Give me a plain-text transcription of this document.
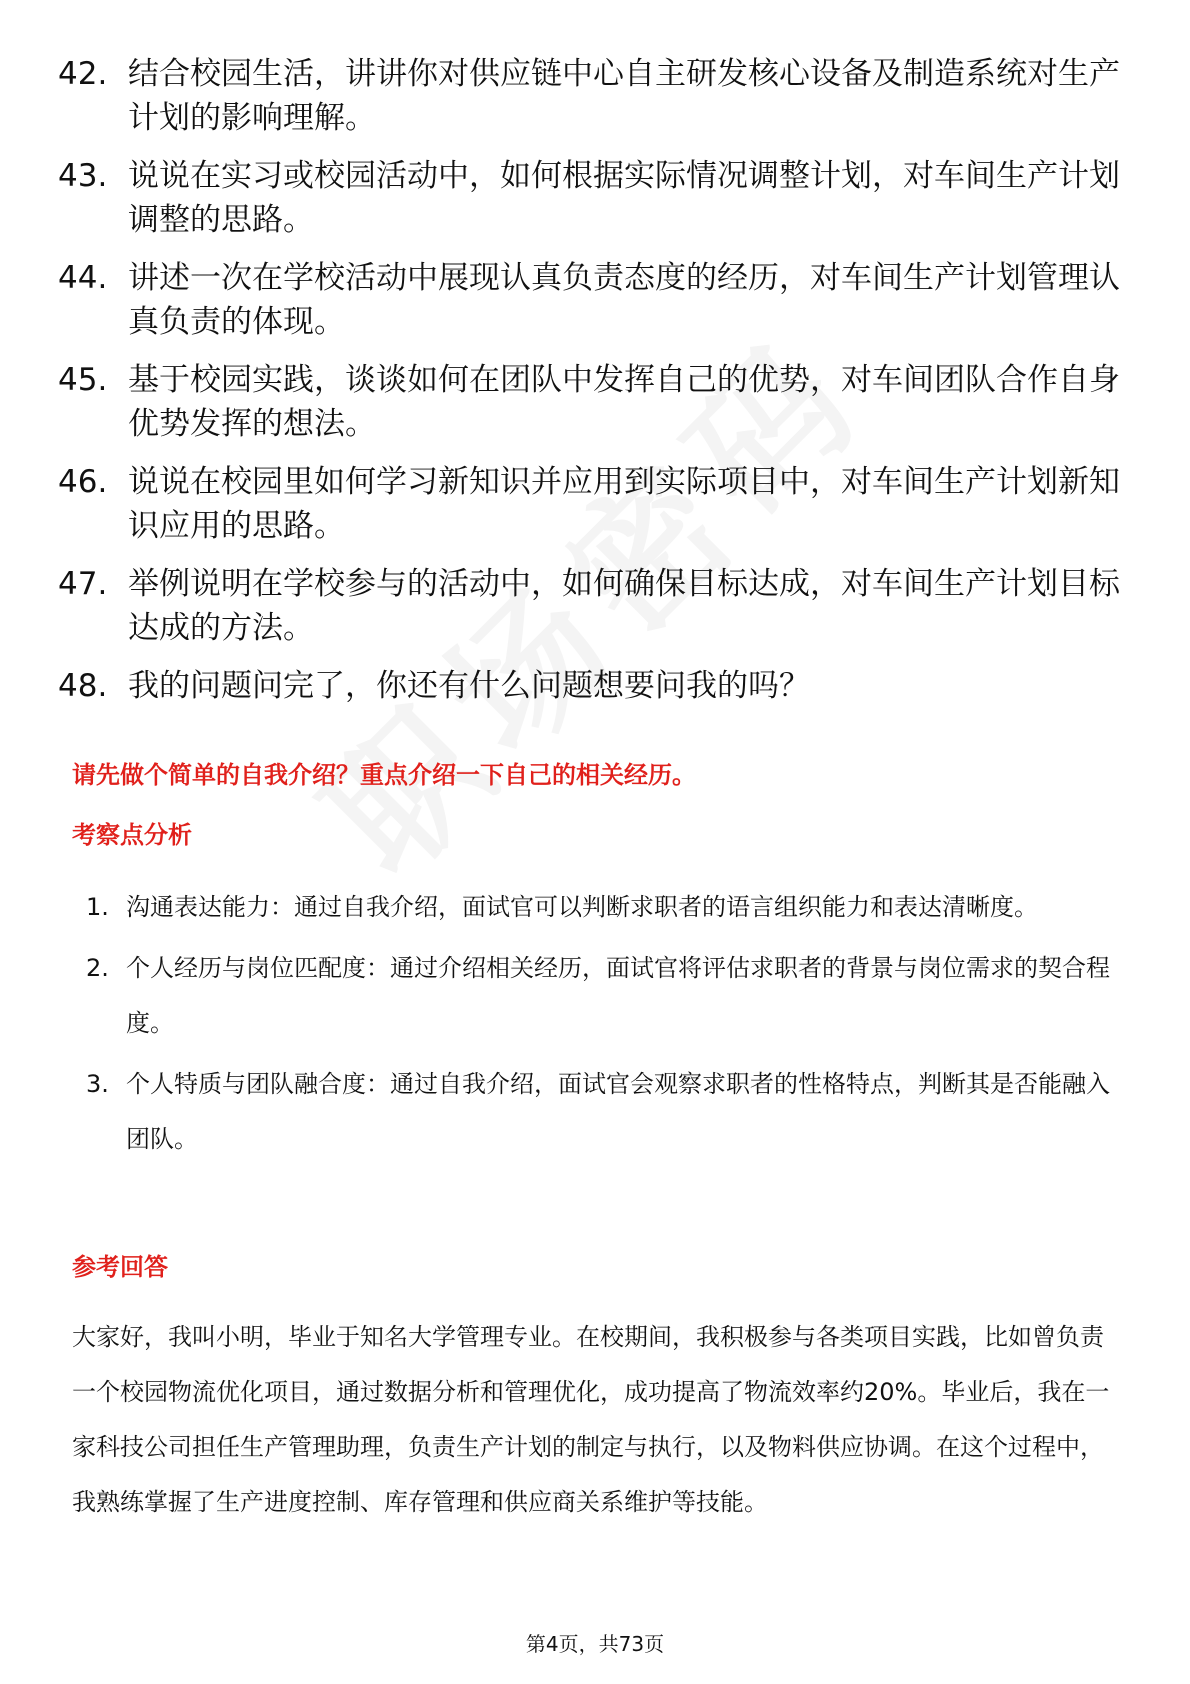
42. 结合校园生活，讲讲你对供应链中心自主研发核心设备及制造系统对生产计划的影响理解。
43. 说说在实习或校园活动中，如何根据实际情况调整计划，对车间生产计划调整的思路。
44. 讲述一次在学校活动中展现认真负责态度的经历，对车间生产计划管理认真负责的体现。
45. 基于校园实践，谈谈如何在团队中发挥自己的优势，对车间团队合作自身优势发挥的想法。
46. 说说在校园里如何学习新知识并应用到实际项目中，对车间生产计划新知识应用的思路。
47. 举例说明在学校参与的活动中，如何确保目标达成，对车间生产计划目标达成的方法。
48. 我的问题问完了，你还有什么问题想要问我的吗？
请先做个简单的自我介绍？重点介绍一下自己的相关经历。
考察点分析
1. 沟通表达能力：通过自我介绍，面试官可以判断求职者的语言组织能力和表达清晰度。
2. 个人经历与岗位匹配度：通过介绍相关经历，面试官将评估求职者的背景与岗位需求的契合程度。
3. 个人特质与团队融合度：通过自我介绍，面试官会观察求职者的性格特点，判断其是否能融入团队。
参考回答

大家好，我叫小明，毕业于知名大学管理专业。在校期间，我积极参与各类项目实践，比如曾负责一个校园物流优化项目，通过数据分析和管理优化，成功提高了物流效率约20%。毕业后，我在一家科技公司担任生产管理助理，负责生产计划的制定与执行，以及物料供应协调。在这个过程中，我熟练掌握了生产进度控制、库存管理和供应商关系维护等技能。

第4页，共73页
